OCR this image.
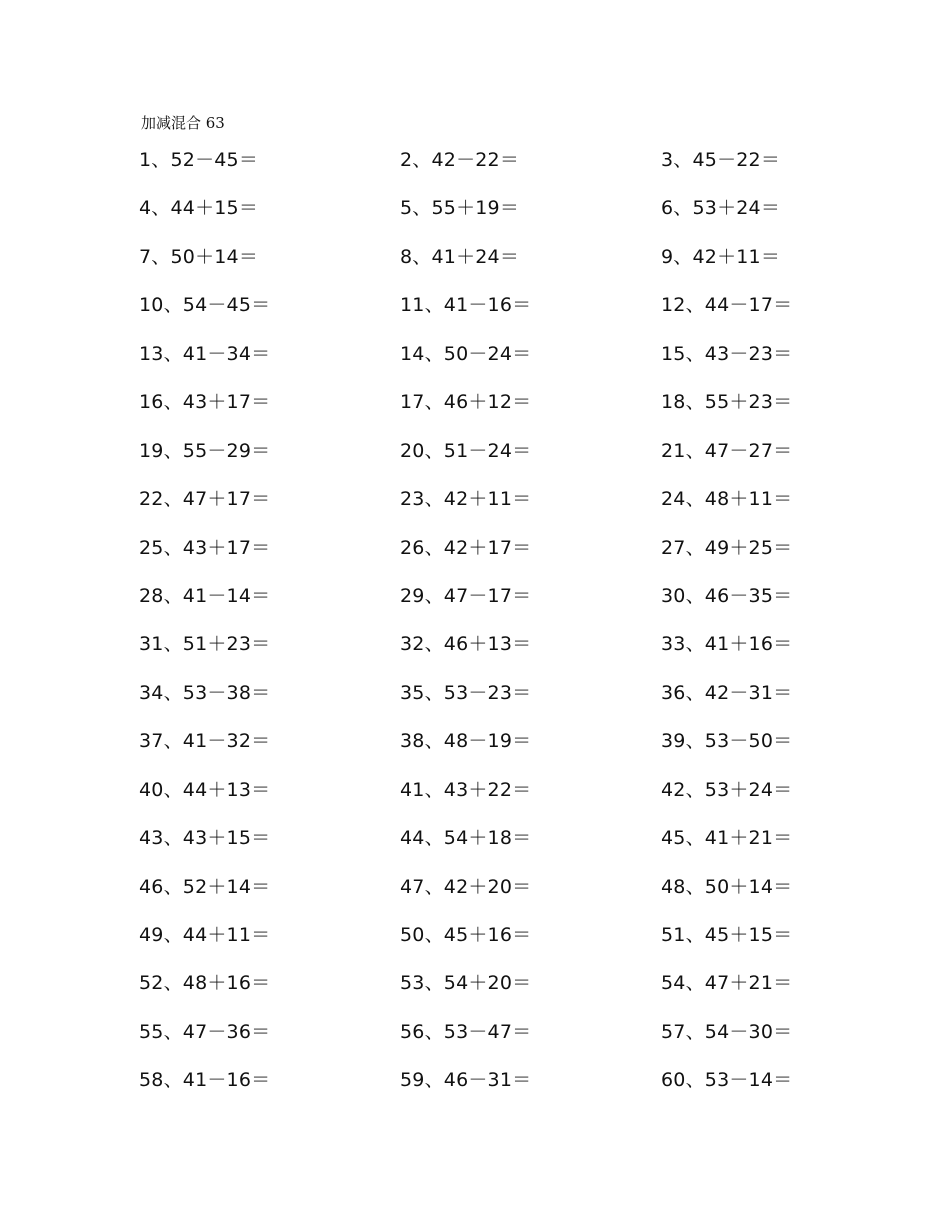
加减混合 63
1、52－45＝	2、42－22＝	3、45－22＝
4、44＋15＝	5、55＋19＝	6、53＋24＝
7、50＋14＝	8、41＋24＝	9、42＋11＝
10、54－45＝	11、41－16＝	12、44－17＝
13、41－34＝	14、50－24＝	15、43－23＝
16、43＋17＝	17、46＋12＝	18、55＋23＝
19、55－29＝	20、51－24＝	21、47－27＝
22、47＋17＝	23、42＋11＝	24、48＋11＝
25、43＋17＝	26、42＋17＝	27、49＋25＝
28、41－14＝	29、47－17＝	30、46－35＝
31、51＋23＝	32、46＋13＝	33、41＋16＝
34、53－38＝	35、53－23＝	36、42－31＝
37、41－32＝	38、48－19＝	39、53－50＝
40、44＋13＝	41、43＋22＝	42、53＋24＝
43、43＋15＝	44、54＋18＝	45、41＋21＝
46、52＋14＝	47、42＋20＝	48、50＋14＝
49、44＋11＝	50、45＋16＝	51、45＋15＝
52、48＋16＝	53、54＋20＝	54、47＋21＝
55、47－36＝	56、53－47＝	57、54－30＝
58、41－16＝	59、46－31＝	60、53－14＝
